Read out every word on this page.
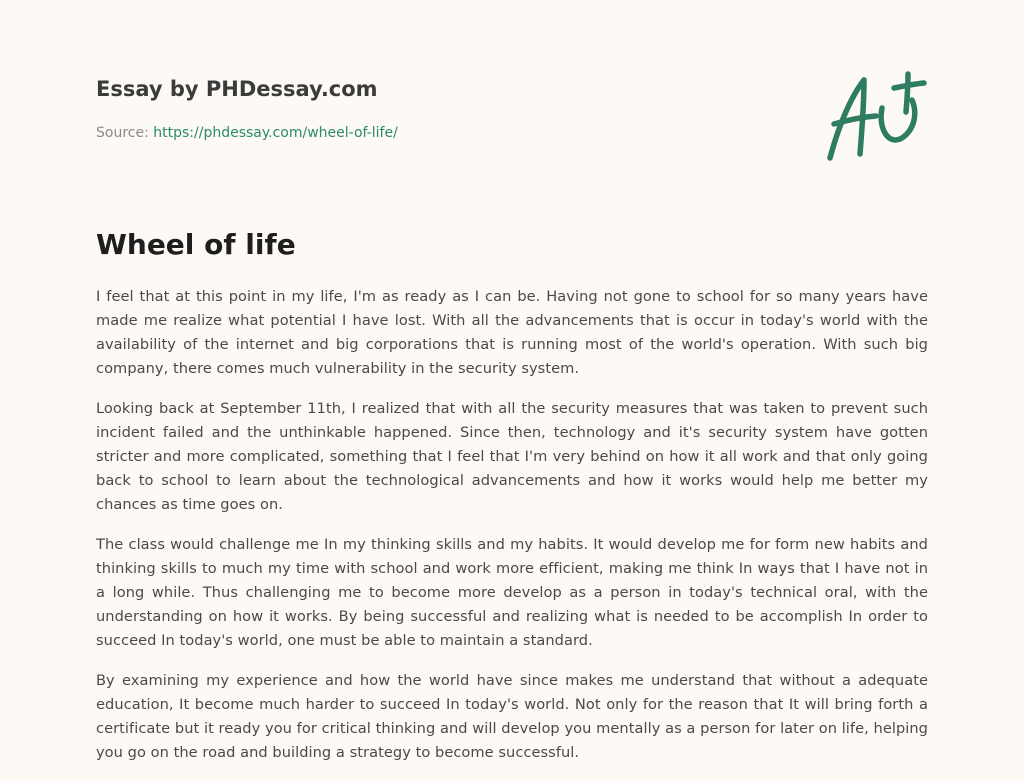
Essay by PHDessay.com
Source: https://phdessay.com/wheel-of-life/
Wheel of life

I feel that at this point in my life, I'm as ready as I can be. Having not gone to school for so many years have made me realize what potential I have lost. With all the advancements that is occur in today's world with the availability of the internet and big corporations that is running most of the world's operation. With such big company, there comes much vulnerability in the security system.

Looking back at September 11th, I realized that with all the security measures that was taken to prevent such incident failed and the unthinkable happened. Since then, technology and it's security system have gotten stricter and more complicated, something that I feel that I'm very behind on how it all work and that only going back to school to learn about the technological advancements and how it works would help me better my chances as time goes on.

The class would challenge me In my thinking skills and my habits. It would develop me for form new habits and thinking skills to much my time with school and work more efficient, making me think In ways that I have not in a long while. Thus challenging me to become more develop as a person in today's technical oral, with the understanding on how it works. By being successful and realizing what is needed to be accomplish In order to succeed In today's world, one must be able to maintain a standard.

By examining my experience and how the world have since makes me understand that without a adequate education, It become much harder to succeed In today's world. Not only for the reason that It will bring forth a certificate but it ready you for critical thinking and will develop you mentally as a person for later on life, helping you go on the road and building a strategy to become successful.
